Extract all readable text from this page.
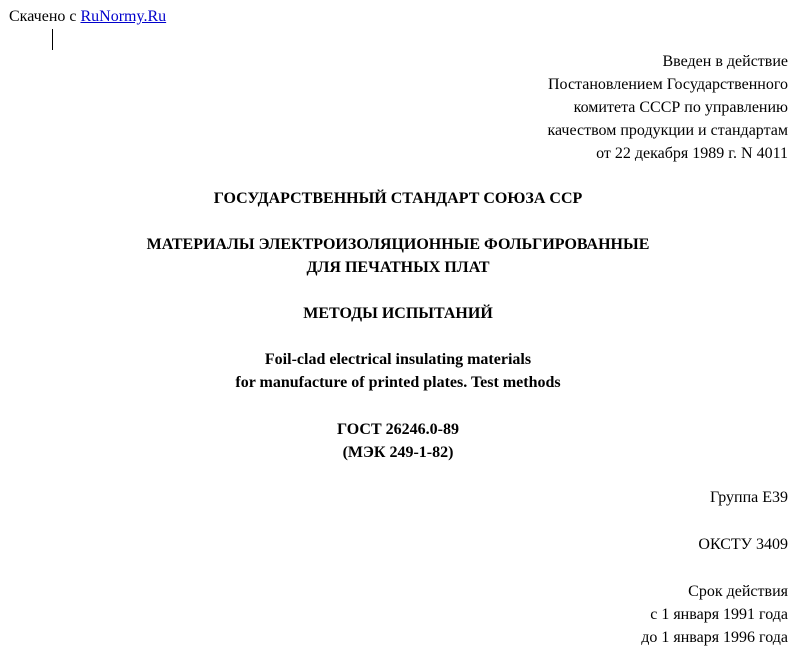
Скачено с RuNormy.Ru
Введен в действие
Постановлением Государственного
комитета СССР по управлению
качеством продукции и стандартам
от 22 декабря 1989 г. N 4011
ГОСУДАРСТВЕННЫЙ СТАНДАРТ СОЮЗА ССР
МАТЕРИАЛЫ ЭЛЕКТРОИЗОЛЯЦИОННЫЕ ФОЛЬГИРОВАННЫЕ
ДЛЯ ПЕЧАТНЫХ ПЛАТ
МЕТОДЫ ИСПЫТАНИЙ
Foil-clad electrical insulating materials
for manufacture of printed plates. Test methods
ГОСТ 26246.0-89
(МЭК 249-1-82)
Группа Е39
ОКСТУ 3409
Срок действия
с 1 января 1991 года
до 1 января 1996 года
